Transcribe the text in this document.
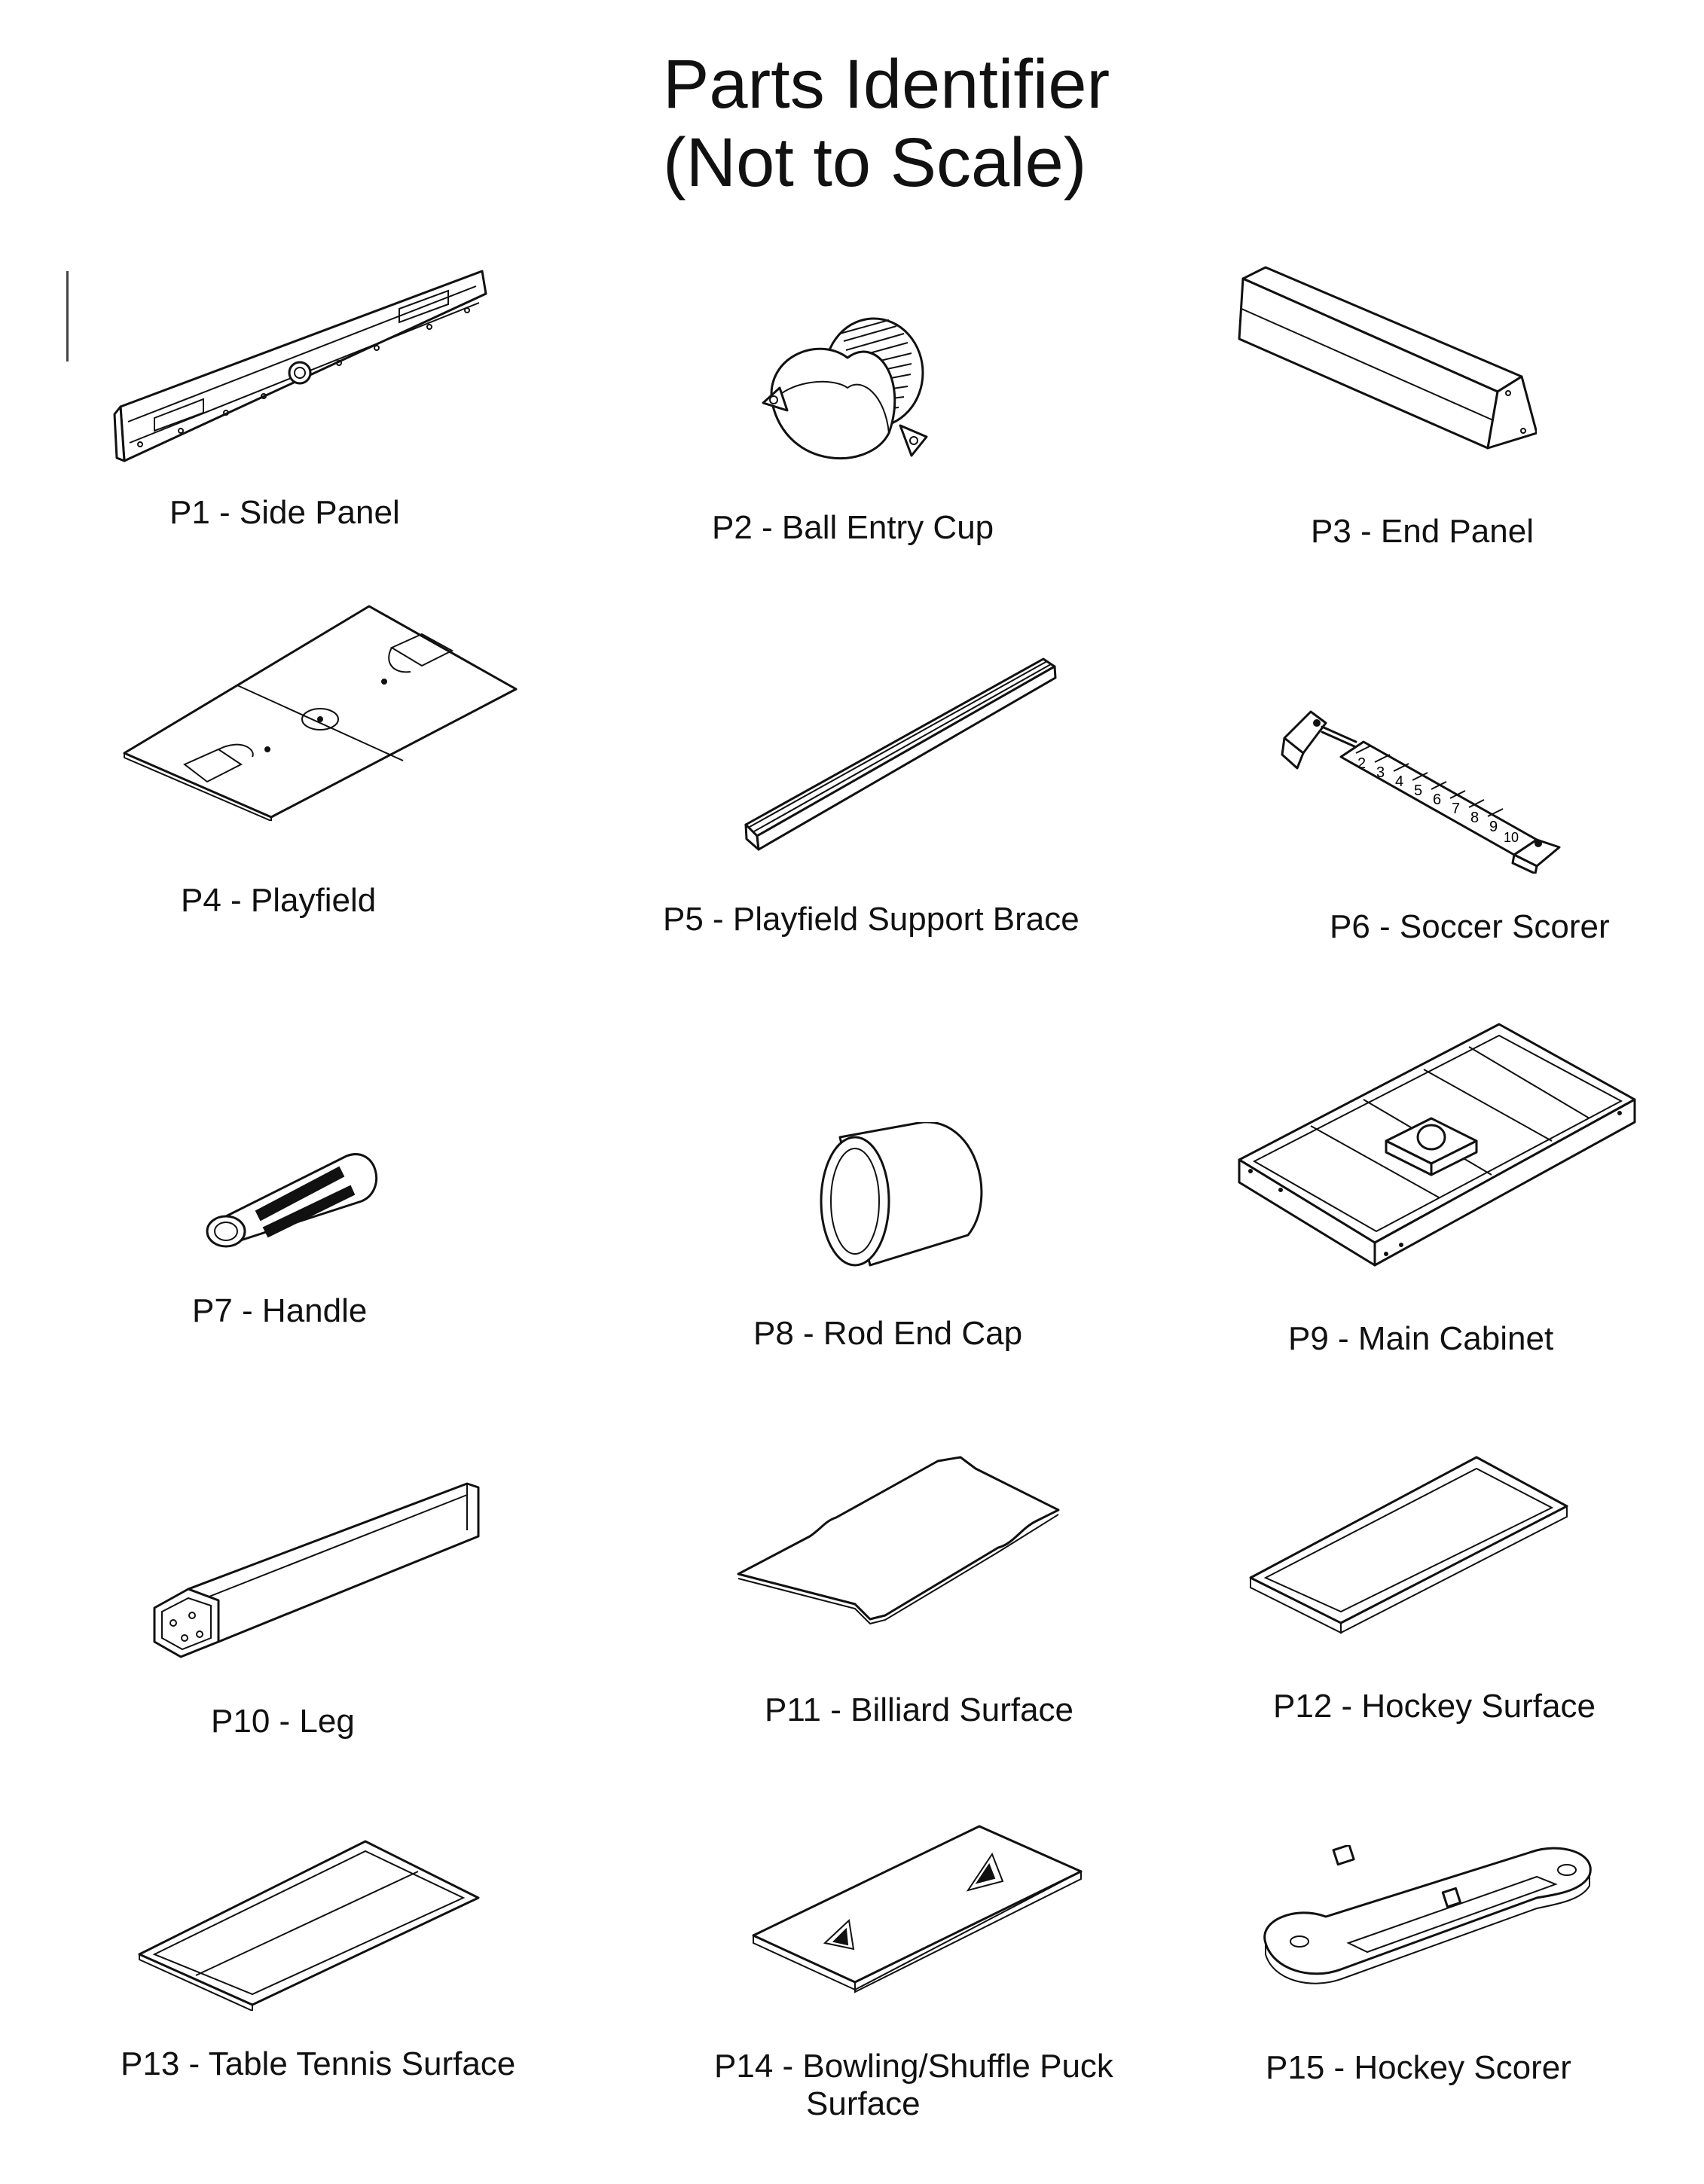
Parts Identifier
(Not to Scale)
P1 - Side Panel	P2 - Ball Entry Cup	P3 - End Panel
P4 - Playfield
P5 - Playfield Support Brace
2
3
4
5
6
7
8
9
10
P6 - Soccer Scorer
P7 - Handle
P8 - Rod End Cap	P9 - Main Cabinet
P10 - Leg	P11 - Billiard Surface	P12 - Hockey Surface
P13 - Table Tennis Surface	P14 - Bowling/Shuffle Puck
Surface
P15 - Hockey Scorer
